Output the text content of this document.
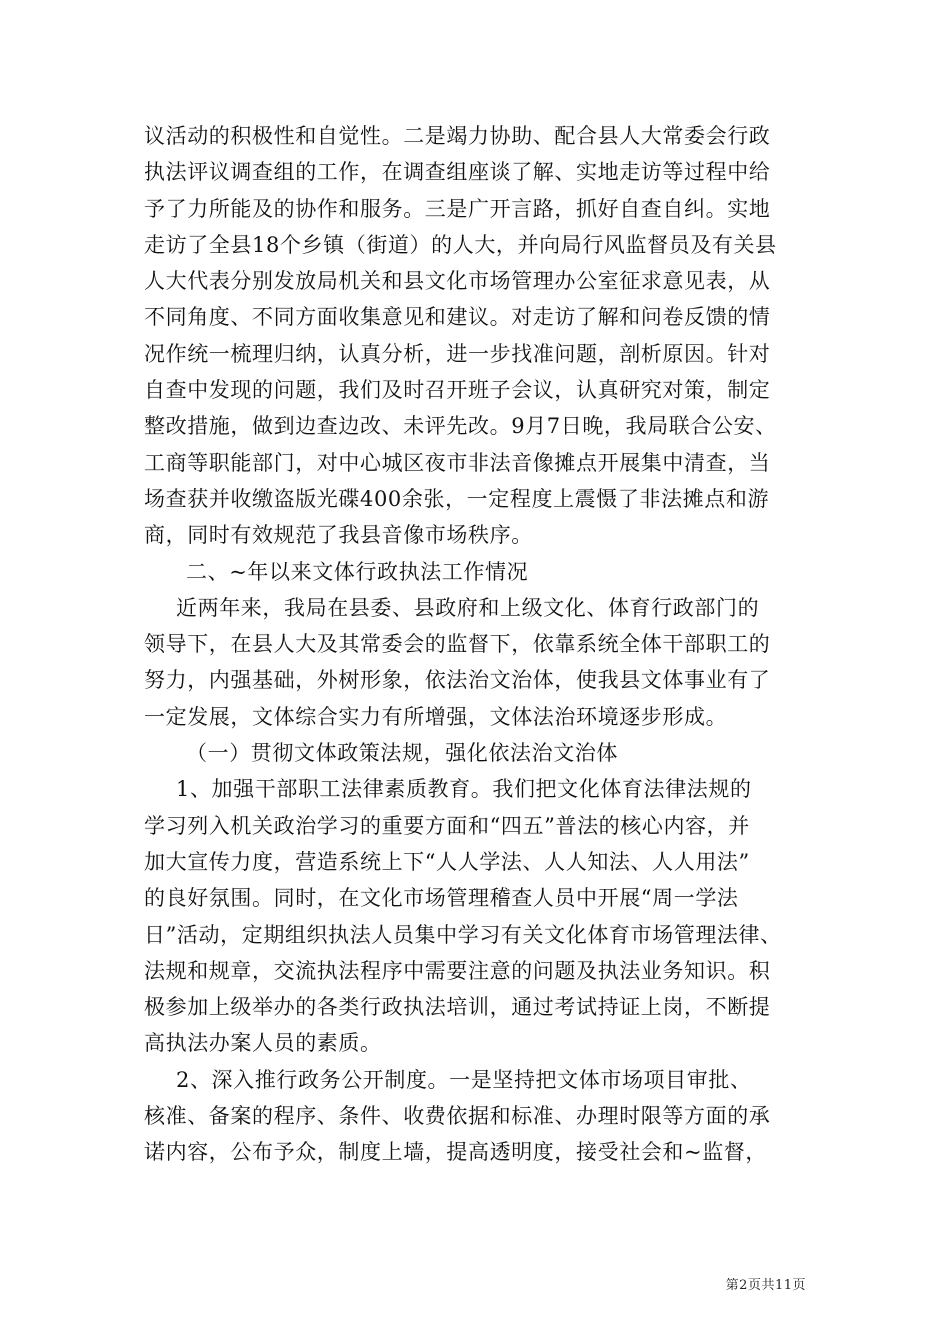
议活动的积极性和自觉性。二是竭力协助、配合县人大常委会行政
执法评议调查组的工作，在调查组座谈了解、实地走访等过程中给
予了力所能及的协作和服务。三是广开言路，抓好自查自纠。实地
走访了全县18个乡镇（街道）的人大，并向局行风监督员及有关县
人大代表分别发放局机关和县文化市场管理办公室征求意见表，从
不同角度、不同方面收集意见和建议。对走访了解和问卷反馈的情
况作统一梳理归纳，认真分析，进一步找准问题，剖析原因。针对
自查中发现的问题，我们及时召开班子会议，认真研究对策，制定
整改措施，做到边查边改、未评先改。9月7日晚，我局联合公安、
工商等职能部门，对中心城区夜市非法音像摊点开展集中清查，当
场查获并收缴盗版光碟400余张，一定程度上震慑了非法摊点和游
商，同时有效规范了我县音像市场秩序。
二、~年以来文体行政执法工作情况
近两年来，我局在县委、县政府和上级文化、体育行政部门的
领导下，在县人大及其常委会的监督下，依靠系统全体干部职工的
努力，内强基础，外树形象，依法治文治体，使我县文体事业有了
一定发展，文体综合实力有所增强，文体法治环境逐步形成。
（一）贯彻文体政策法规，强化依法治文治体
1、加强干部职工法律素质教育。我们把文化体育法律法规的
学习列入机关政治学习的重要方面和“四五”普法的核心内容，并
加大宣传力度，营造系统上下“人人学法、人人知法、人人用法”
的良好氛围。同时，在文化市场管理稽查人员中开展“周一学法
日”活动，定期组织执法人员集中学习有关文化体育市场管理法律、
法规和规章，交流执法程序中需要注意的问题及执法业务知识。积
极参加上级举办的各类行政执法培训，通过考试持证上岗，不断提
高执法办案人员的素质。
2、深入推行政务公开制度。一是坚持把文体市场项目审批、
核准、备案的程序、条件、收费依据和标准、办理时限等方面的承
诺内容，公布予众，制度上墙，提高透明度，接受社会和~监督，
第2页共11页
